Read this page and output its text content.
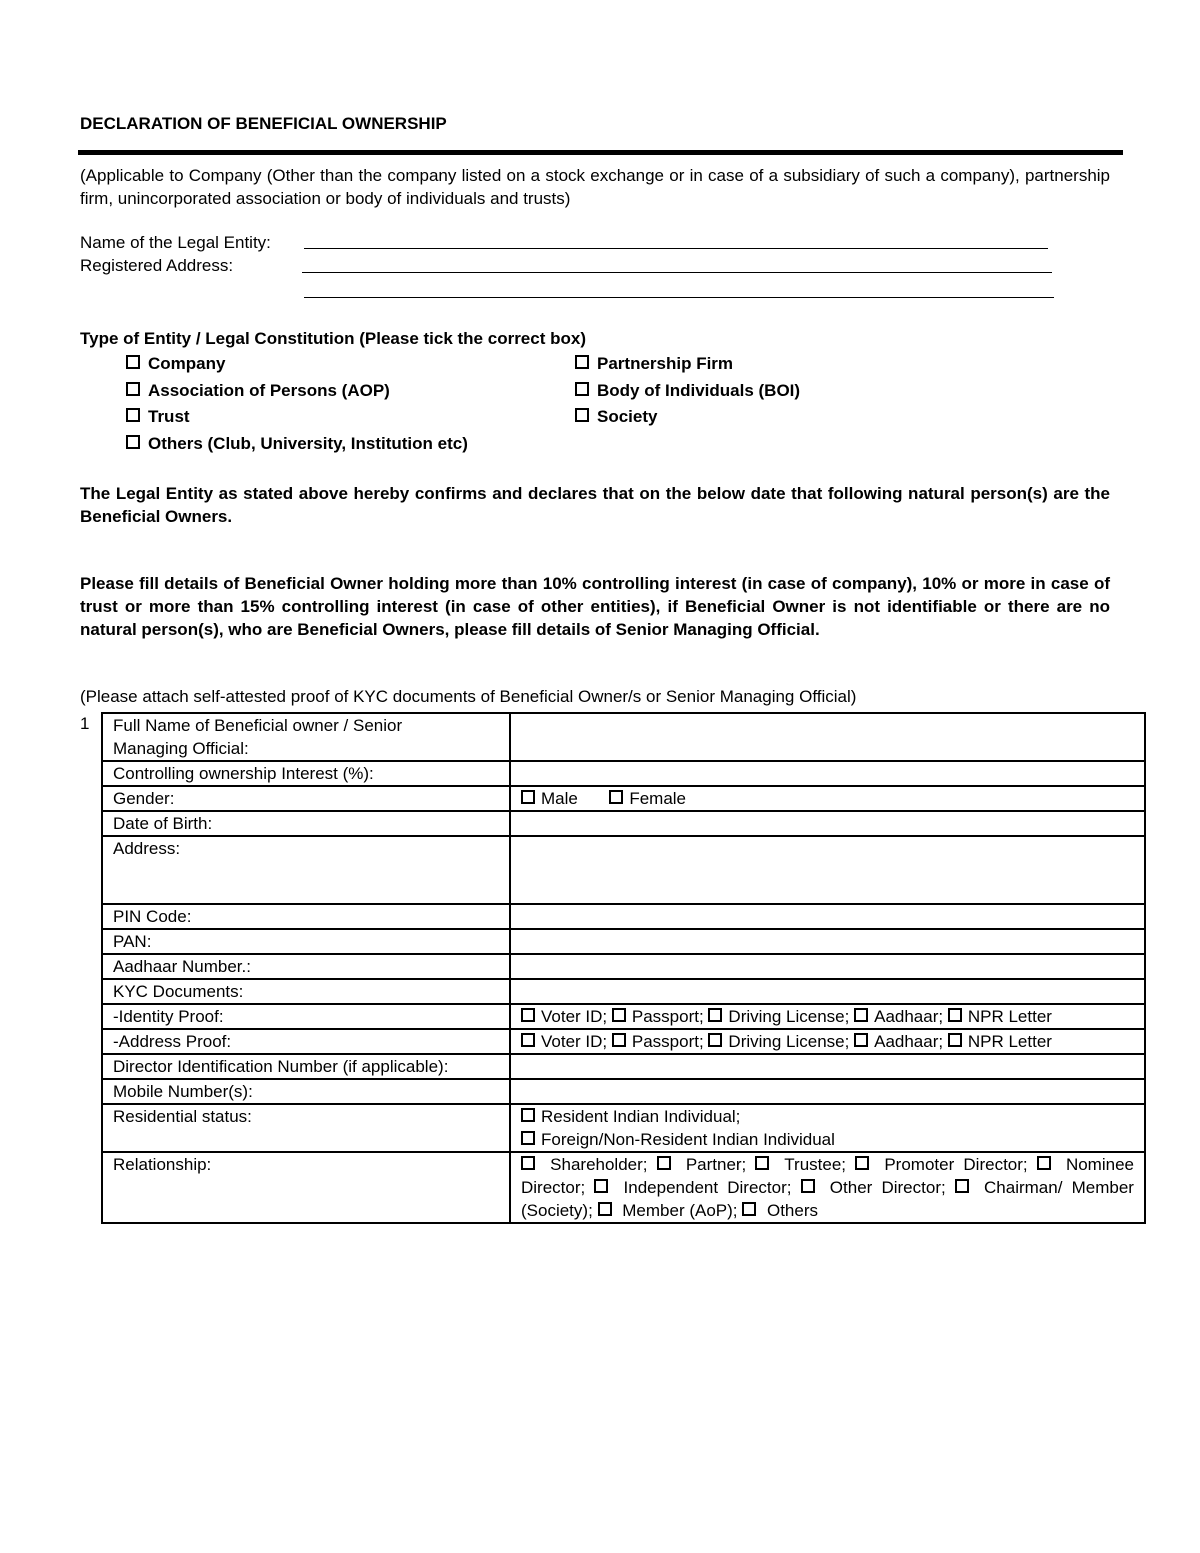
DECLARATION OF BENEFICIAL OWNERSHIP
(Applicable to Company (Other than the company listed on a stock exchange or in case of a subsidiary of such a company), partnership firm, unincorporated association or body of individuals and trusts)
Name of the Legal Entity:
Registered Address:
Type of Entity / Legal Constitution (Please tick the correct box)
Company	Partnership Firm
Association of Persons (AOP)	Body of Individuals (BOI)
Trust	Society
Others (Club, University, Institution etc)
The Legal Entity as stated above hereby confirms and declares that on the below date that following natural person(s) are the Beneficial Owners.
Please fill details of Beneficial Owner holding more than 10% controlling interest (in case of company), 10% or more in case of trust or more than 15% controlling interest (in case of other entities), if Beneficial Owner is not identifiable or there are no natural person(s), who are Beneficial Owners, please fill details of Senior Managing Official.
(Please attach self-attested proof of KYC documents of Beneficial Owner/s or Senior Managing Official)
1 Full Name of Beneficial owner / Senior Managing Official:	

Controlling ownership Interest (%):	
Gender:	Male Female
Date of Birth:	
Address:	
PIN Code:	
PAN:	
Aadhaar Number.:	
KYC Documents:	
-Identity Proof:	Voter ID; Passport; Driving License; Aadhaar; NPR Letter
-Address Proof:	Voter ID; Passport; Driving License; Aadhaar; NPR Letter
Director Identification Number (if applicable):	
Mobile Number(s):	
Residential status:	Resident Indian Individual;
Foreign/Non-Resident Indian Individual

Relationship:	Shareholder; Partner; Trustee; Promoter Director; Nominee Director; Independent Director; Other Director; Chairman/ Member (Society); Member (AoP); Others
